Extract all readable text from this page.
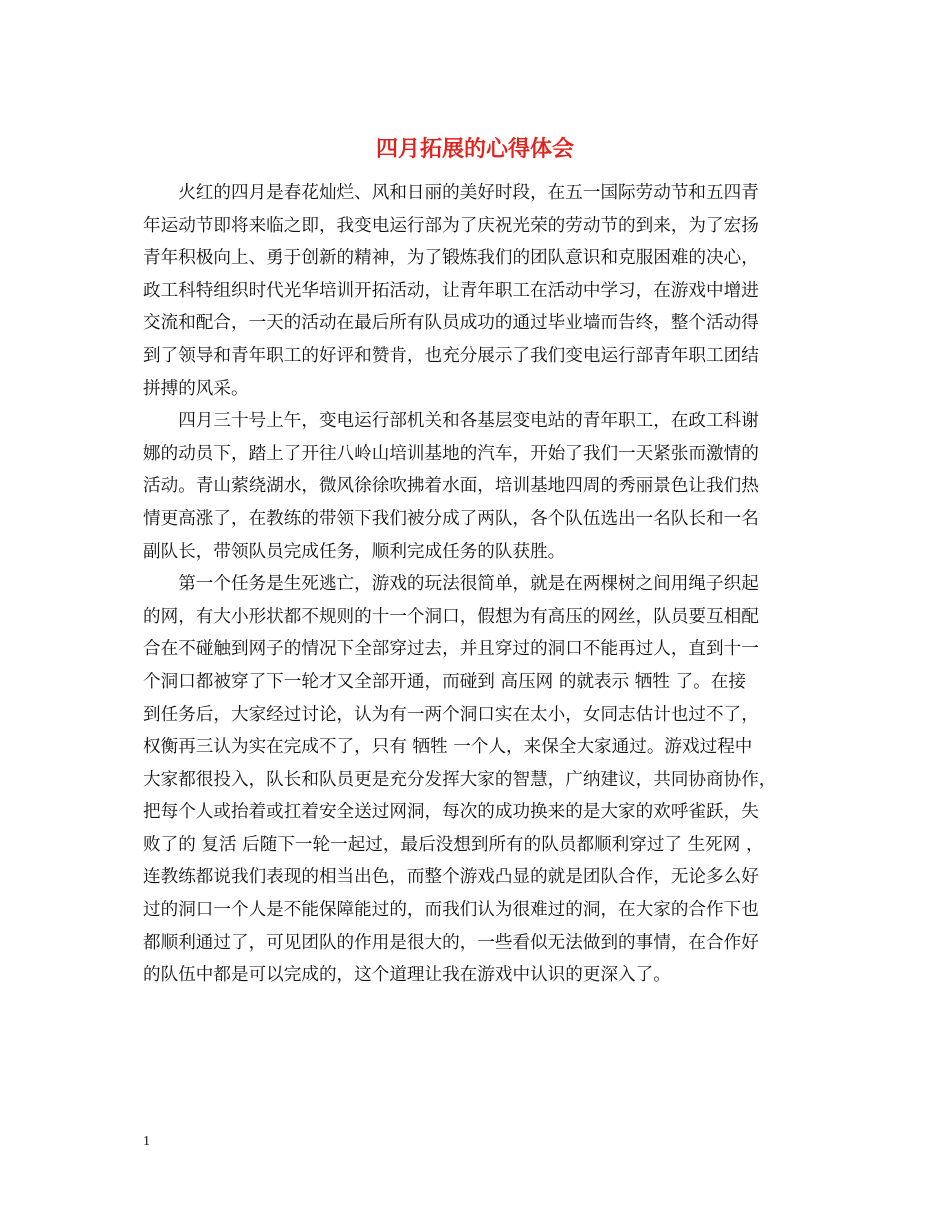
四月拓展的心得体会

　　火红的四月是春花灿烂、风和日丽的美好时段，在五一国际劳动节和五四青
年运动节即将来临之即，我变电运行部为了庆祝光荣的劳动节的到来，为了宏扬
青年积极向上、勇于创新的精神，为了锻炼我们的团队意识和克服困难的决心，
政工科特组织时代光华培训开拓活动，让青年职工在活动中学习，在游戏中增进
交流和配合，一天的活动在最后所有队员成功的通过毕业墙而告终，整个活动得
到了领导和青年职工的好评和赞肯，也充分展示了我们变电运行部青年职工团结
拼搏的风采。

　　四月三十号上午，变电运行部机关和各基层变电站的青年职工，在政工科谢
娜的动员下，踏上了开往八岭山培训基地的汽车，开始了我们一天紧张而激情的
活动。青山萦绕湖水，微风徐徐吹拂着水面，培训基地四周的秀丽景色让我们热
情更高涨了，在教练的带领下我们被分成了两队，各个队伍选出一名队长和一名
副队长，带领队员完成任务，顺利完成任务的队获胜。

　　第一个任务是生死逃亡，游戏的玩法很简单，就是在两棵树之间用绳子织起
的网，有大小形状都不规则的十一个洞口，假想为有高压的网丝，队员要互相配
合在不碰触到网子的情况下全部穿过去，并且穿过的洞口不能再过人，直到十一
个洞口都被穿了下一轮才又全部开通，而碰到 高压网 的就表示 牺牲 了。在接
到任务后，大家经过讨论，认为有一两个洞口实在太小，女同志估计也过不了，
权衡再三认为实在完成不了，只有 牺牲 一个人，来保全大家通过。游戏过程中
大家都很投入，队长和队员更是充分发挥大家的智慧，广纳建议，共同协商协作，
把每个人或抬着或扛着安全送过网洞，每次的成功换来的是大家的欢呼雀跃，失
败了的 复活 后随下一轮一起过，最后没想到所有的队员都顺利穿过了 生死网 ，
连教练都说我们表现的相当出色，而整个游戏凸显的就是团队合作，无论多么好
过的洞口一个人是不能保障能过的，而我们认为很难过的洞，在大家的合作下也
都顺利通过了，可见团队的作用是很大的，一些看似无法做到的事情，在合作好
的队伍中都是可以完成的，这个道理让我在游戏中认识的更深入了。

1
